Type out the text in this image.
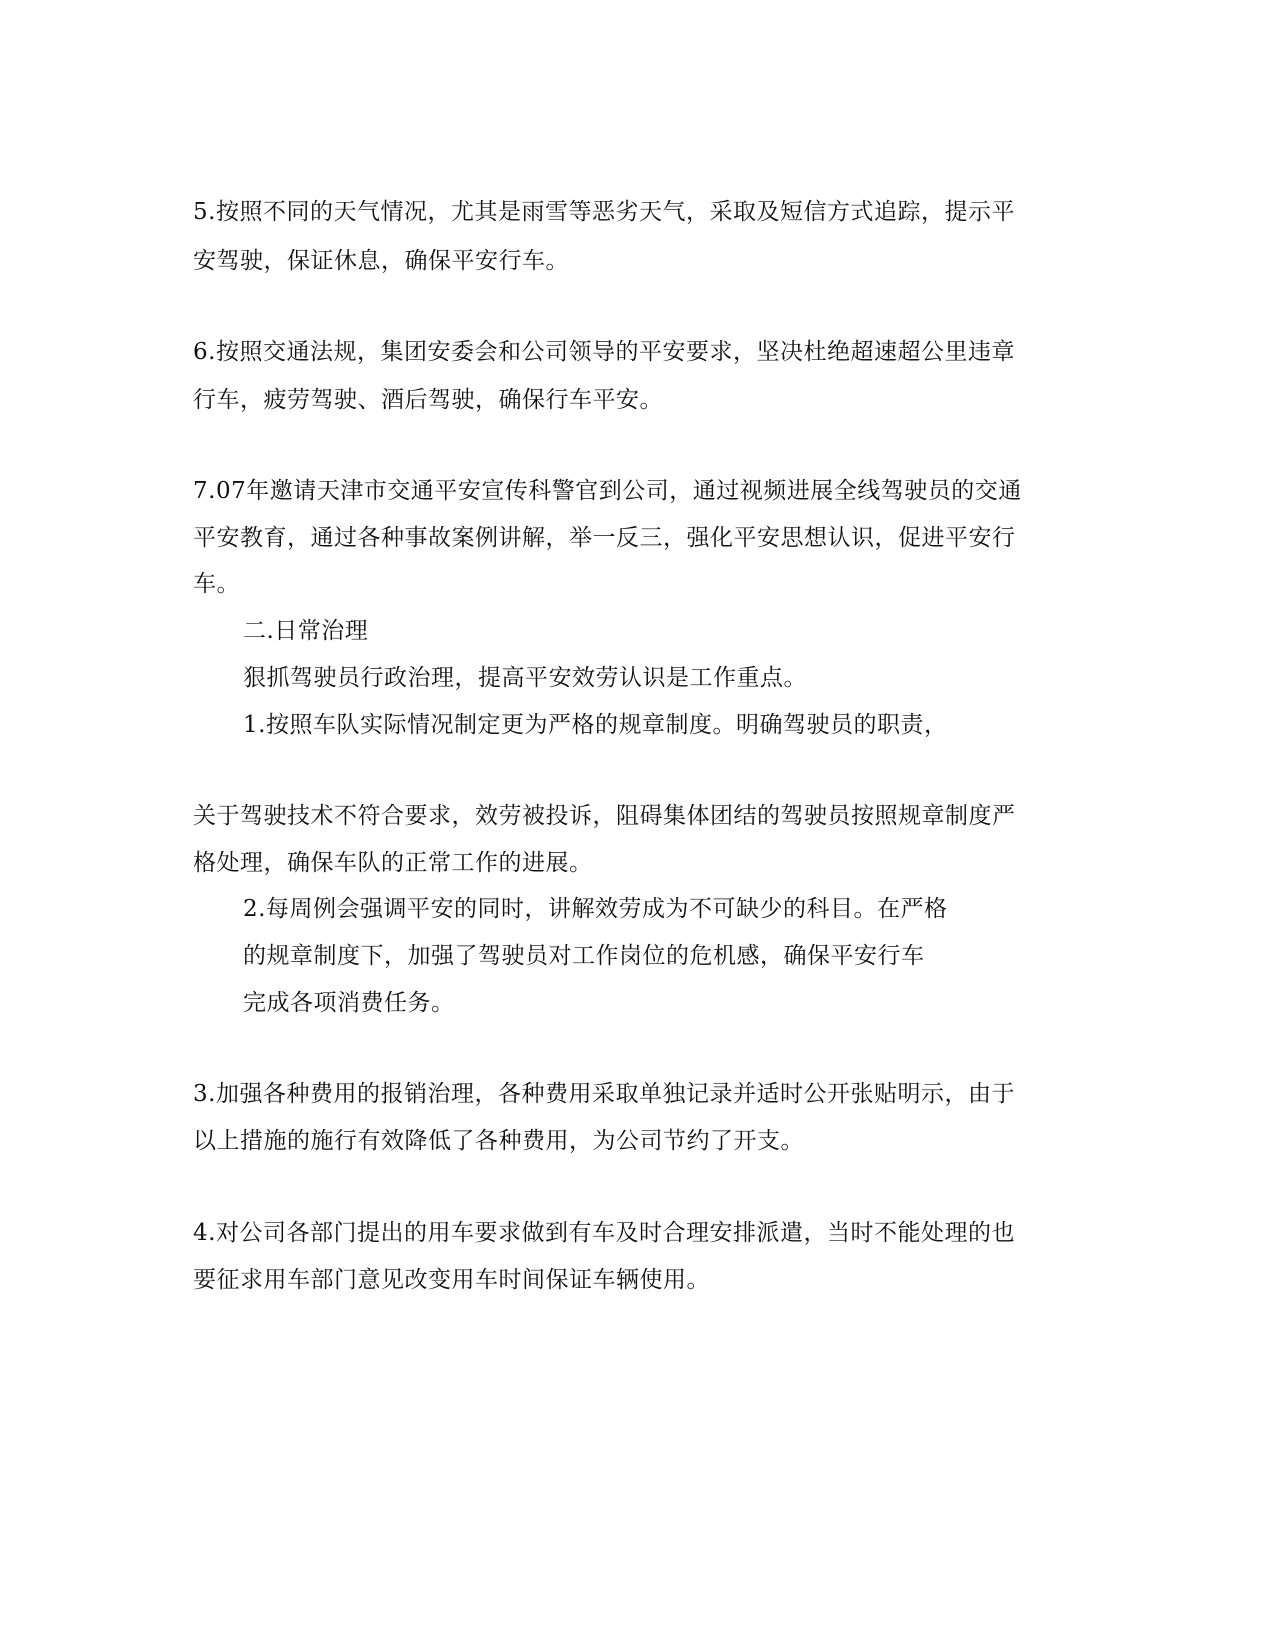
5.按照不同的天气情况，尤其是雨雪等恶劣天气，采取及短信方式追踪，提示平
安驾驶，保证休息，确保平安行车。
6.按照交通法规，集团安委会和公司领导的平安要求，坚决杜绝超速超公里违章
行车，疲劳驾驶、酒后驾驶，确保行车平安。
7.07年邀请天津市交通平安宣传科警官到公司，通过视频进展全线驾驶员的交通
平安教育，通过各种事故案例讲解，举一反三，强化平安思想认识，促进平安行
车。
二.日常治理
狠抓驾驶员行政治理，提高平安效劳认识是工作重点。
1.按照车队实际情况制定更为严格的规章制度。明确驾驶员的职责，
关于驾驶技术不符合要求，效劳被投诉，阻碍集体团结的驾驶员按照规章制度严
格处理，确保车队的正常工作的进展。
2.每周例会强调平安的同时，讲解效劳成为不可缺少的科目。在严格
的规章制度下，加强了驾驶员对工作岗位的危机感，确保平安行车
完成各项消费任务。
3.加强各种费用的报销治理，各种费用采取单独记录并适时公开张贴明示，由于
以上措施的施行有效降低了各种费用，为公司节约了开支。
4.对公司各部门提出的用车要求做到有车及时合理安排派遣，当时不能处理的也
要征求用车部门意见改变用车时间保证车辆使用。
